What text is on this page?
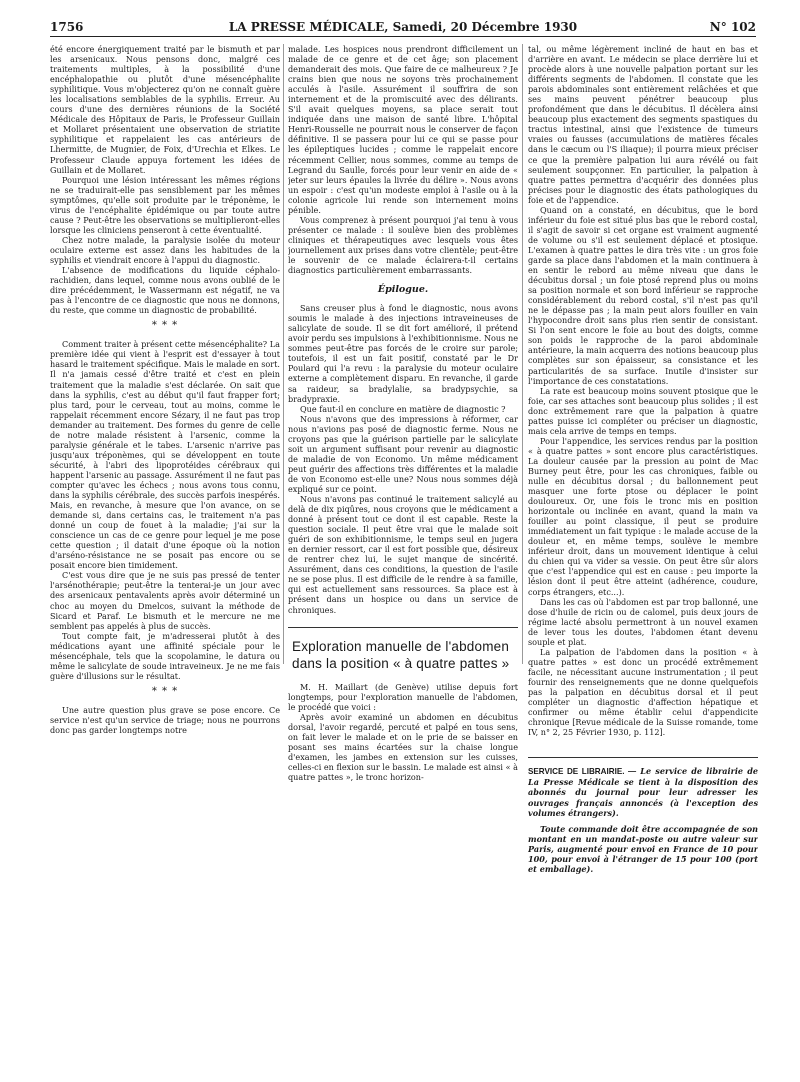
1756	LA PRESSE MÉDICALE, Samedi, 20 Décembre 1930	N° 102

été encore énergiquement traité par le bismuth et par les arsenicaux. Nous pensons donc, malgré ces traitements multiples, à la possibilité d'une encéphalopathie ou plutôt d'une mésencéphalite syphilitique. Vous m'objecterez qu'on ne connaît guère les localisations semblables de la syphilis. Erreur. Au cours d'une des dernières réunions de la Société Médicale des Hôpitaux de Paris, le Professeur Guillain et Mollaret présentaient une observation de striatite syphilitique et rappelaient les cas antérieurs de Lhermitte, de Mugnier, de Foix, d'Urechia et Elkes. Le Professeur Claude appuya fortement les idées de Guillain et de Mollaret.

Pourquoi une lésion intéressant les mêmes régions ne se traduirait-elle pas sensiblement par les mêmes symptômes, qu'elle soit produite par le tréponème, le virus de l'encéphalite épidémique ou par toute autre cause ? Peut-être les observations se multiplieront-elles lorsque les cliniciens penseront à cette éventualité.

Chez notre malade, la paralysie isolée du moteur oculaire externe est assez dans les habitudes de la syphilis et viendrait encore à l'appui du diagnostic.

L'absence de modifications du liquide céphalo-rachidien, dans lequel, comme nous avons oublié de le dire précédemment, le Wassermann est négatif, ne va pas à l'encontre de ce diagnostic que nous ne donnons, du reste, que comme un diagnostic de probabilité.

* * *

Comment traiter à présent cette mésencéphalite? La première idée qui vient à l'esprit est d'essayer à tout hasard le traitement spécifique. Mais le malade en sort. Il n'a jamais cessé d'être traité et c'est en plein traitement que la maladie s'est déclarée. On sait que dans la syphilis, c'est au début qu'il faut frapper fort; plus tard, pour le cerveau, tout au moins, comme le rappelait récemment encore Sézary, il ne faut pas trop demander au traitement. Des formes du genre de celle de notre malade résistent à l'arsenic, comme la paralysie générale et le tabes. L'arsenic n'arrive pas jusqu'aux tréponèmes, qui se développent en toute sécurité, à l'abri des lipoprotéides cérébraux qui happent l'arsenic au passage. Assurément il ne faut pas compter qu'avec les échecs ; nous avons tous connu, dans la syphilis cérébrale, des succès parfois inespérés. Mais, en revanche, à mesure que l'on avance, on se demande si, dans certains cas, le traitement n'a pas donné un coup de fouet à la maladie; j'ai sur la conscience un cas de ce genre pour lequel je me pose cette question ; il datait d'une époque où la notion d'arséno-résistance ne se posait pas encore ou se posait encore bien timidement.

C'est vous dire que je ne suis pas pressé de tenter l'arsénothérapie; peut-être la tenterai-je un jour avec des arsenicaux pentavalents après avoir déterminé un choc au moyen du Dmelcos, suivant la méthode de Sicard et Paraf. Le bismuth et le mercure ne me semblent pas appelés à plus de succès.

Tout compte fait, je m'adresserai plutôt à des médications ayant une affinité spéciale pour le mésencéphale, tels que la scopolamine, le datura ou même le salicylate de soude intraveineux. Je ne me fais guère d'illusions sur le résultat.

* * *

Une autre question plus grave se pose encore. Ce service n'est qu'un service de triage; nous ne pourrons donc pas garder longtemps notre

malade. Les hospices nous prendront difficilement un malade de ce genre et de cet âge; son placement demanderait des mois. Que faire de ce malheureux ? Je crains bien que nous ne soyons très prochainement acculés à l'asile. Assurément il souffrira de son internement et de la promiscuité avec des délirants. S'il avait quelques moyens, sa place serait tout indiquée dans une maison de santé libre. L'hôpital Henri-Rousselle ne pourrait nous le conserver de façon définitive. Il se passera pour lui ce qui se passe pour les épileptiques lucides ; comme le rappelait encore récemment Cellier, nous sommes, comme au temps de Legrand du Saulle, forcés pour leur venir en aide de « jeter sur leurs épaules la livrée du délire ». Nous avons un espoir : c'est qu'un modeste emploi à l'asile ou à la colonie agricole lui rende son internement moins pénible.

Vous comprenez à présent pourquoi j'ai tenu à vous présenter ce malade : il soulève bien des problèmes cliniques et thérapeutiques avec lesquels vous êtes journellement aux prises dans votre clientèle; peut-être le souvenir de ce malade éclairera-t-il certains diagnostics particulièrement embarrassants.

Épilogue.

Sans creuser plus à fond le diagnostic, nous avons soumis le malade à des injections intraveineuses de salicylate de soude. Il se dit fort amélioré, il prétend avoir perdu ses impulsions à l'exhibitionnisme. Nous ne sommes peut-être pas forcés de le croire sur parole; toutefois, il est un fait positif, constaté par le Dr Poulard qui l'a revu : la paralysie du moteur oculaire externe a complètement disparu. En revanche, il garde sa raideur, sa bradylalie, sa bradypsychie, sa bradypraxie.

Que faut-il en conclure en matière de diagnostic ?

Nous n'avons que des impressions à réformer, car nous n'avions pas posé de diagnostic ferme. Nous ne croyons pas que la guérison partielle par le salicylate soit un argument suffisant pour revenir au diagnostic de maladie de von Economo. Un même médicament peut guérir des affections très différentes et la maladie de von Economo est-elle une? Nous nous sommes déjà expliqué sur ce point.

Nous n'avons pas continué le traitement salicylé au delà de dix piqûres, nous croyons que le médicament a donné à présent tout ce dont il est capable. Reste la question sociale. Il peut être vrai que le malade soit guéri de son exhibitionnisme, le temps seul en jugera en dernier ressort, car il est fort possible que, désireux de rentrer chez lui, le sujet manque de sincérité. Assurément, dans ces conditions, la question de l'asile ne se pose plus. Il est difficile de le rendre à sa famille, qui est actuellement sans ressources. Sa place est à présent dans un hospice ou dans un service de chroniques.

Exploration manuelle de l'abdomen dans la position « à quatre pattes »

M. H. Maillart (de Genève) utilise depuis fort longtemps, pour l'exploration manuelle de l'abdomen, le procédé que voici :

Après avoir examiné un abdomen en décubitus dorsal, l'avoir regardé, percuté et palpé en tous sens, on fait lever le malade et on le prie de se baisser en posant ses mains écartées sur la chaise longue d'examen, les jambes en extension sur les cuisses, celles-ci en flexion sur le bassin. Le malade est ainsi « à quatre pattes », le tronc horizon-

tal, ou même légèrement incliné de haut en bas et d'arrière en avant. Le médecin se place derrière lui et procède alors à une nouvelle palpation portant sur les différents segments de l'abdomen. Il constate que les parois abdominales sont entièrement relâchées et que ses mains peuvent pénétrer beaucoup plus profondément que dans le décubitus. Il décèlera ainsi beaucoup plus exactement des segments spastiques du tractus intestinal, ainsi que l'existence de tumeurs vraies ou fausses (accumulations de matières fécales dans le cæcum ou l'S iliaque); il pourra mieux préciser ce que la première palpation lui aura révélé ou fait seulement soupçonner. En particulier, la palpation à quatre pattes permettra d'acquérir des données plus précises pour le diagnostic des états pathologiques du foie et de l'appendice.

Quand on a constaté, en décubitus, que le bord inférieur du foie est situé plus bas que le rebord costal, il s'agit de savoir si cet organe est vraiment augmenté de volume ou s'il est seulement déplacé et ptosique. L'examen à quatre pattes le dira très vite : un gros foie garde sa place dans l'abdomen et la main continuera à en sentir le rebord au même niveau que dans le décubitus dorsal ; un foie ptosé reprend plus ou moins sa position normale et son bord inférieur se rapproche considérablement du rebord costal, s'il n'est pas qu'il ne le dépasse pas ; la main peut alors fouiller en vain l'hypocondre droit sans plus rien sentir de consistant. Si l'on sent encore le foie au bout des doigts, comme son poids le rapproche de la paroi abdominale antérieure, la main acquerra des notions beaucoup plus complètes sur son épaisseur, sa consistance et les particularités de sa surface. Inutile d'insister sur l'importance de ces constatations.

La rate est beaucoup moins souvent ptosique que le foie, car ses attaches sont beaucoup plus solides ; il est donc extrêmement rare que la palpation à quatre pattes puisse ici compléter ou préciser un diagnostic, mais cela arrive de temps en temps.

Pour l'appendice, les services rendus par la position « à quatre pattes » sont encore plus caractéristiques. La douleur causée par la pression au point de Mac Burney peut être, pour les cas chroniques, faible ou nulle en décubitus dorsal ; du ballonnement peut masquer une forte ptose ou déplacer le point douloureux. Or, une fois le tronc mis en position horizontale ou inclinée en avant, quand la main va fouiller au point classique, il peut se produire immédiatement un fait typique : le malade accuse de la douleur et, en même temps, soulève le membre inférieur droit, dans un mouvement identique à celui du chien qui va vider sa vessie. On peut être sûr alors que c'est l'appendice qui est en cause : peu importe la lésion dont il peut être atteint (adhérence, coudure, corps étrangers, etc...).

Dans les cas où l'abdomen est par trop ballonné, une dose d'huile de ricin ou de calomel, puis deux jours de régime lacté absolu permettront à un nouvel examen de lever tous les doutes, l'abdomen étant devenu souple et plat.

La palpation de l'abdomen dans la position « à quatre pattes » est donc un procédé extrêmement facile, ne nécessitant aucune instrumentation ; il peut fournir des renseignements que ne donne quelquefois pas la palpation en décubitus dorsal et il peut compléter un diagnostic d'affection hépatique et confirmer ou même établir celui d'appendicite chronique [Revue médicale de la Suisse romande, tome IV, n° 2, 25 Février 1930, p. 112].

SERVICE DE LIBRAIRIE. — Le service de librairie de La Presse Médicale se tient à la disposition des abonnés du journal pour leur adresser les ouvrages français annoncés (à l'exception des volumes étrangers).

Toute commande doit être accompagnée de son montant en un mandat-poste ou autre valeur sur Paris, augmenté pour envoi en France de 10 pour 100, pour envoi à l'étranger de 15 pour 100 (port et emballage).
